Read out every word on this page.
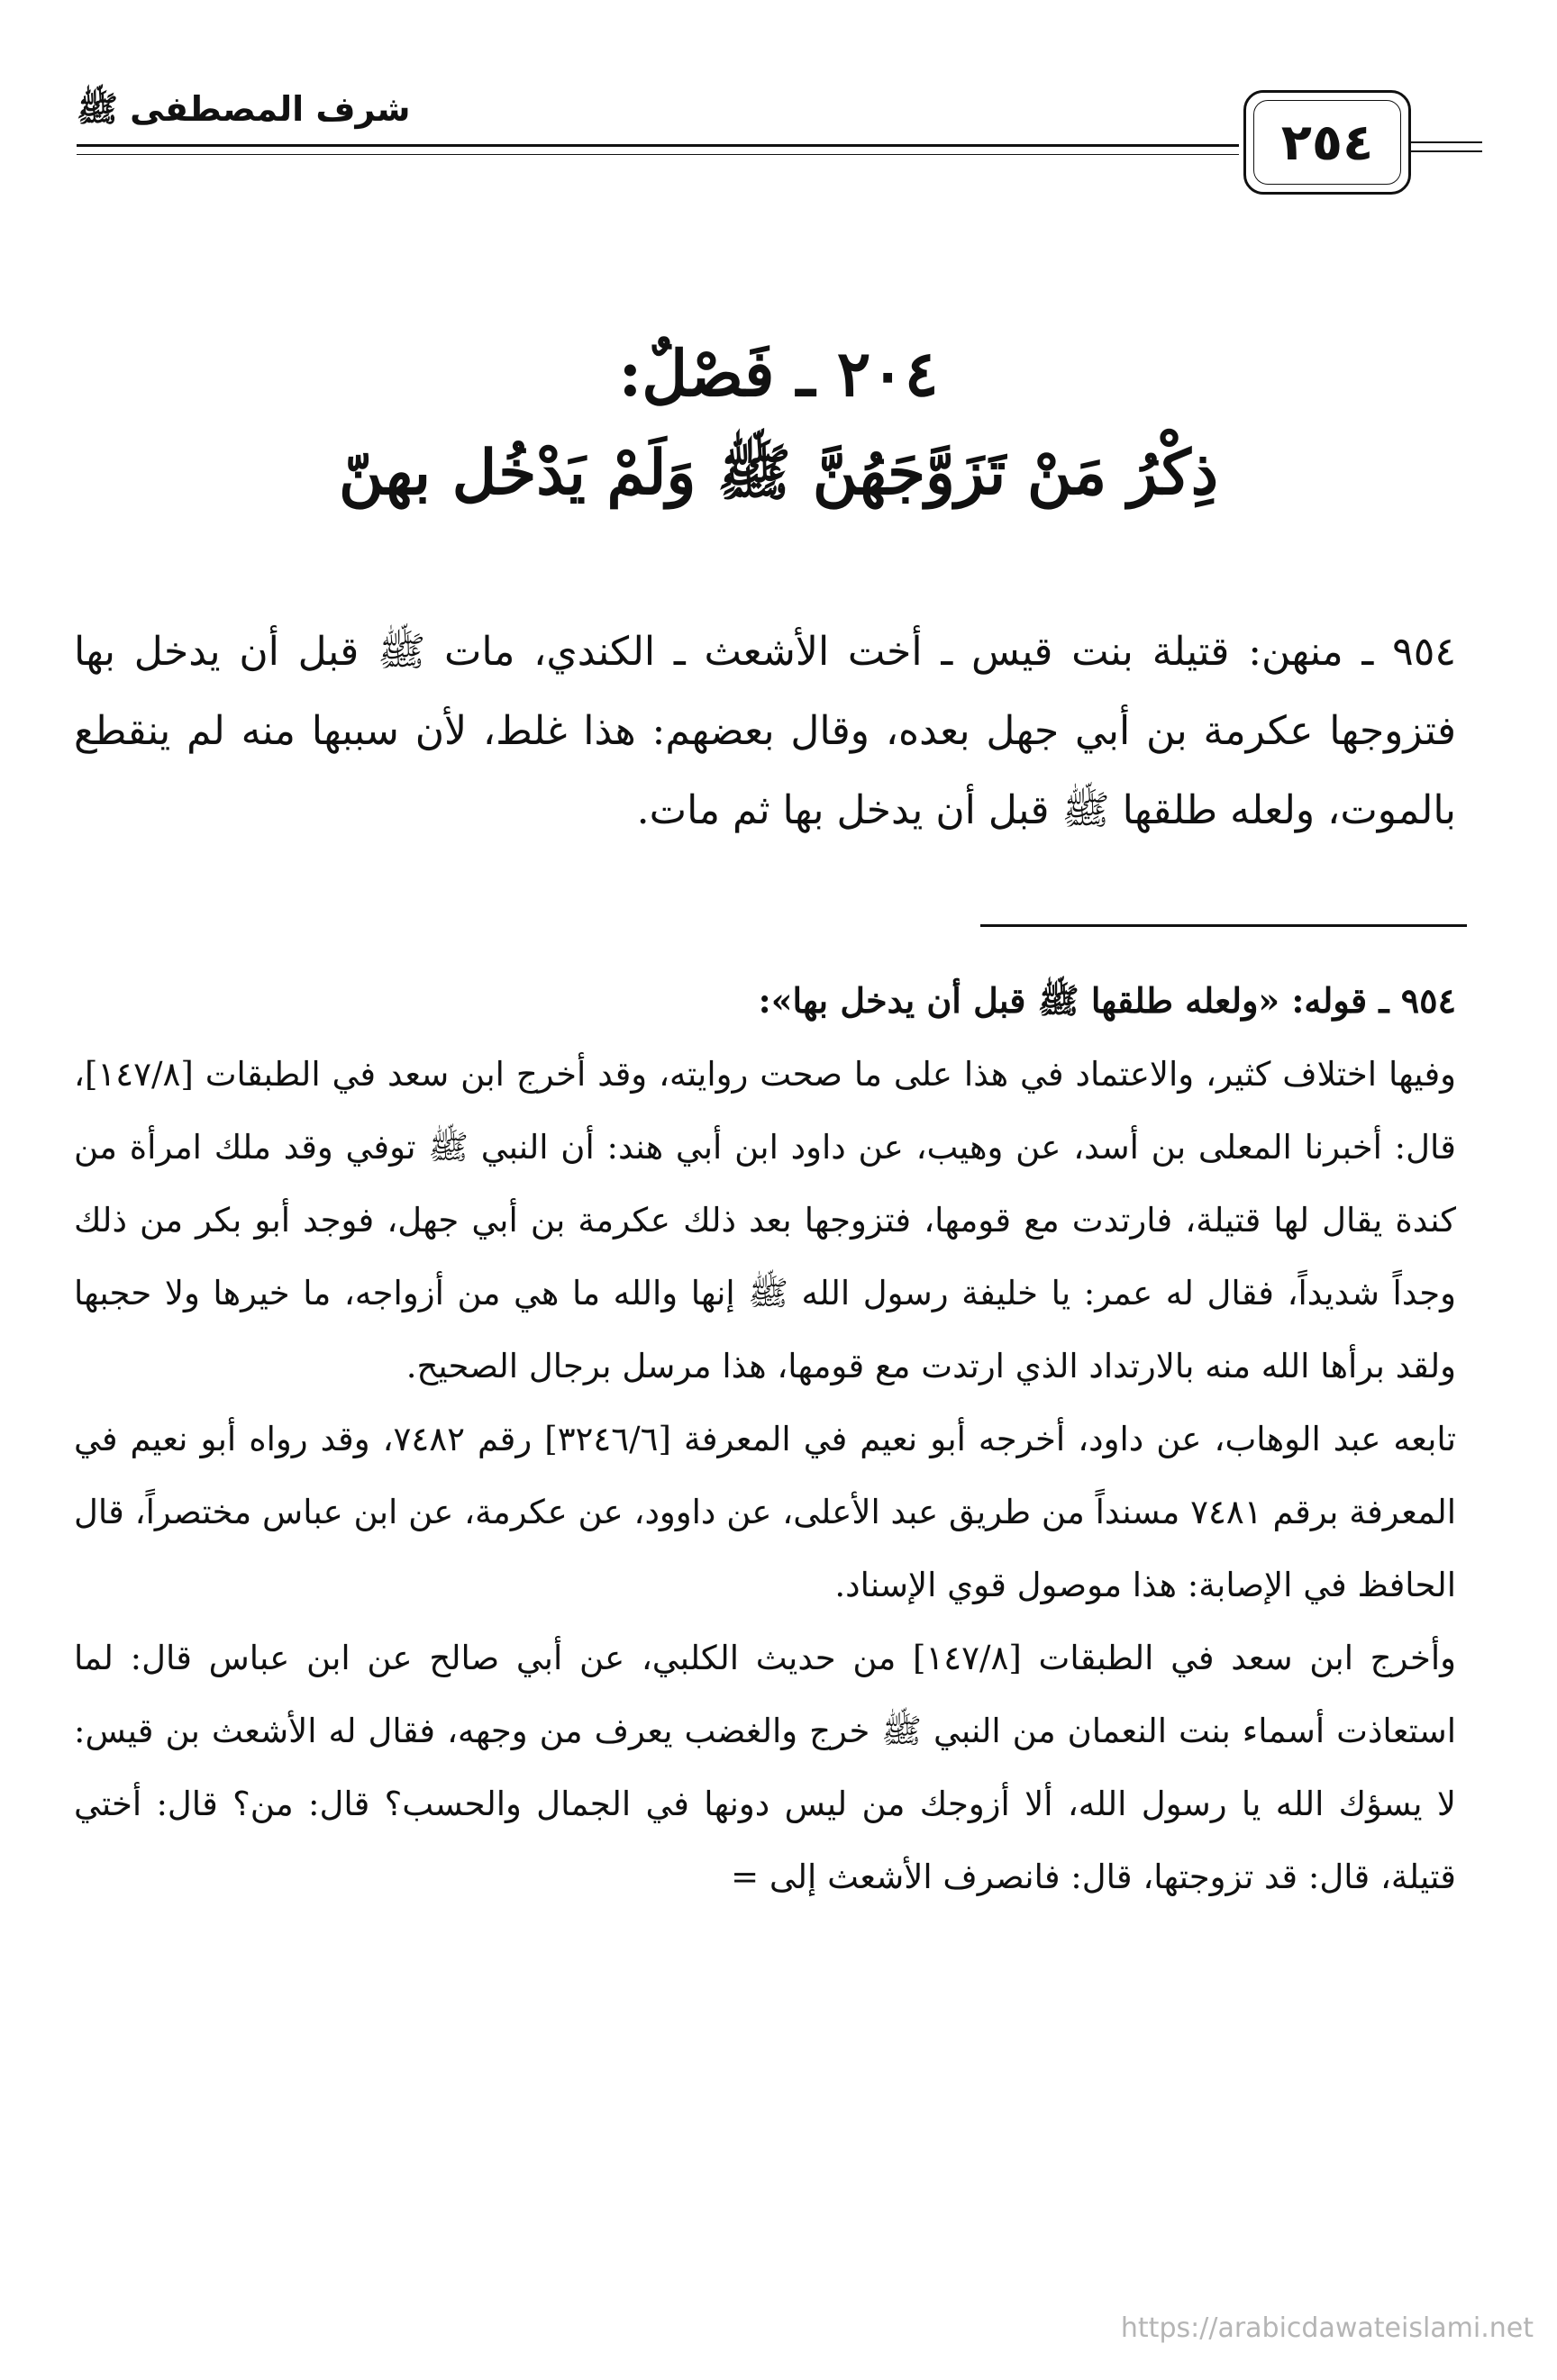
شرف المصطفى ﷺ
٢٥٤
٢٠٤ ـ فَصْلٌ:
ذِكْرُ مَنْ تَزَوَّجَهُنَّ ﷺ وَلَمْ يَدْخُل بهنّ

٩٥٤ ـ منهن: قتيلة بنت قيس ـ أخت الأشعث ـ الكندي، مات ﷺ قبل أن يدخل بها فتزوجها عكرمة بن أبي جهل بعده، وقال بعضهم: هذا غلط، لأن سببها منه لم ينقطع بالموت، ولعله طلقها ﷺ قبل أن يدخل بها ثم مات.

٩٥٤ ـ قوله: «ولعله طلقها ﷺ قبل أن يدخل بها»:

وفيها اختلاف كثير، والاعتماد في هذا على ما صحت روايته، وقد أخرج ابن سعد في الطبقات [١٤٧/٨]، قال: أخبرنا المعلى بن أسد، عن وهيب، عن داود ابن أبي هند: أن النبي ﷺ توفي وقد ملك امرأة من كندة يقال لها قتيلة، فارتدت مع قومها، فتزوجها بعد ذلك عكرمة بن أبي جهل، فوجد أبو بكر من ذلك وجداً شديداً، فقال له عمر: يا خليفة رسول الله ﷺ إنها والله ما هي من أزواجه، ما خيرها ولا حجبها ولقد برأها الله منه بالارتداد الذي ارتدت مع قومها، هذا مرسل برجال الصحيح.

تابعه عبد الوهاب، عن داود، أخرجه أبو نعيم في المعرفة [٣٢٤٦/٦] رقم ٧٤٨٢، وقد رواه أبو نعيم في المعرفة برقم ٧٤٨١ مسنداً من طريق عبد الأعلى، عن داوود، عن عكرمة، عن ابن عباس مختصراً، قال الحافظ في الإصابة: هذا موصول قوي الإسناد.

وأخرج ابن سعد في الطبقات [١٤٧/٨] من حديث الكلبي، عن أبي صالح عن ابن عباس قال: لما استعاذت أسماء بنت النعمان من النبي ﷺ خرج والغضب يعرف من وجهه، فقال له الأشعث بن قيس: لا يسؤك الله يا رسول الله، ألا أزوجك من ليس دونها في الجمال والحسب؟ قال: من؟ قال: أختي قتيلة، قال: قد تزوجتها، قال: فانصرف الأشعث إلى =

https://arabicdawateislami.net
